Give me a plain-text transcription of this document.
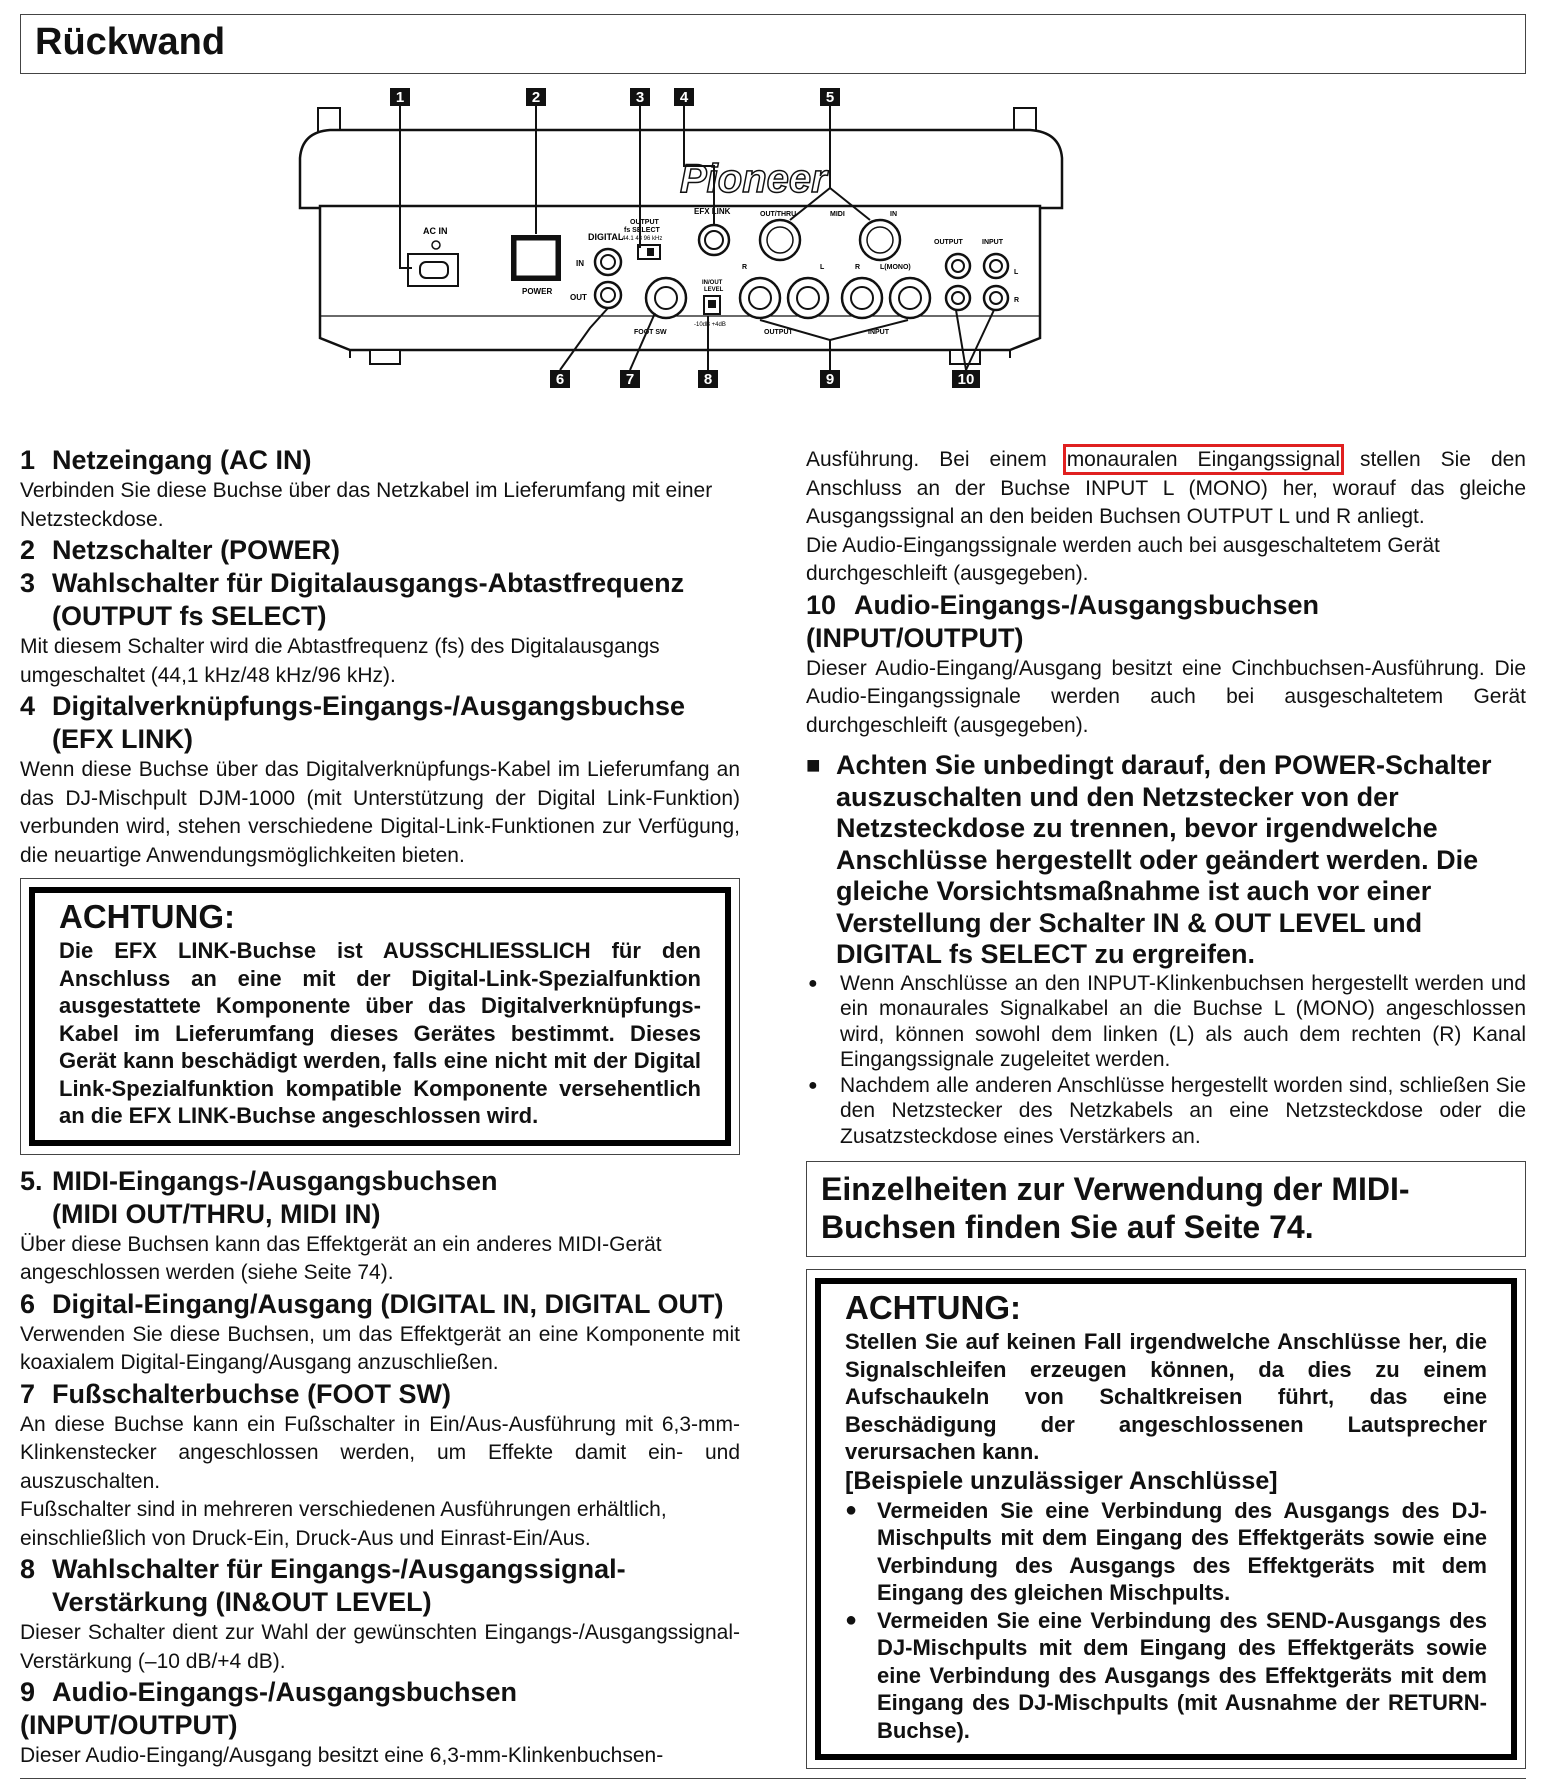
Rückwand
Pioneer
AC IN
POWER
DIGITAL
IN
OUT
OUTPUT
fs SELECT
44.1 48 96 kHz
EFX LINK	OUT/THRU	MIDI	IN
OUTPUT	INPUT
L
R
FOOT SW
IN/OUT
LEVEL
-10dB +4dB
R	L	R	L(MONO)
OUTPUT	INPUT
1	2	3 4	5
6	7	8	9	10
1 Netzeingang (AC IN)

Verbinden Sie diese Buchse über das Netzkabel im Lieferumfang mit einer Netzsteckdose.

2 Netzschalter (POWER)
3 Wahlschalter für Digitalausgangs-Abtastfrequenz
(OUTPUT fs SELECT)

Mit diesem Schalter wird die Abtastfrequenz (fs) des Digitalausgangs umgeschaltet (44,1 kHz/48 kHz/96 kHz).

4 Digitalverknüpfungs-Eingangs-/Ausgangsbuchse
(EFX LINK)

Wenn diese Buchse über das Digitalverknüpfungs-Kabel im Lieferumfang an das DJ-Mischpult DJM-1000 (mit Unterstützung der Digital Link-Funktion) verbunden wird, stehen verschiedene Digital-Link-Funktionen zur Verfügung, die neuartige Anwendungsmöglichkeiten bieten.

ACHTUNG:
Die EFX LINK-Buchse ist AUSSCHLIESSLICH für den Anschluss an eine mit der Digital-Link-Spezialfunktion ausgestattete Komponente über das Digitalverknüpfungs-Kabel im Lieferumfang dieses Gerätes bestimmt. Dieses Gerät kann beschädigt werden, falls eine nicht mit der Digital Link-Spezialfunktion kompatible Komponente versehentlich an die EFX LINK-Buchse angeschlossen wird.
5. MIDI-Eingangs-/Ausgangsbuchsen
(MIDI OUT/THRU, MIDI IN)

Über diese Buchsen kann das Effektgerät an ein anderes MIDI-Gerät angeschlossen werden (siehe Seite 74).

6 Digital-Eingang/Ausgang (DIGITAL IN, DIGITAL OUT)

Verwenden Sie diese Buchsen, um das Effektgerät an eine Komponente mit koaxialem Digital-Eingang/Ausgang anzuschließen.

7 Fußschalterbuchse (FOOT SW)

An diese Buchse kann ein Fußschalter in Ein/Aus-Ausführung mit 6,3-mm-Klinkenstecker angeschlossen werden, um Effekte damit ein- und auszuschalten.

Fußschalter sind in mehreren verschiedenen Ausführungen erhältlich, einschließlich von Druck-Ein, Druck-Aus und Einrast-Ein/Aus.

8 Wahlschalter für Eingangs-/Ausgangssignal-
Verstärkung (IN&OUT LEVEL)

Dieser Schalter dient zur Wahl der gewünschten Eingangs-/Ausgangssignal-Verstärkung (–10 dB/+4 dB).

9 Audio-Eingangs-/Ausgangsbuchsen (INPUT/OUTPUT)

Dieser Audio-Eingang/Ausgang besitzt eine 6,3-mm-Klinkenbuchsen-

Ausführung. Bei einem monauralen Eingangssignal stellen Sie den Anschluss an der Buchse INPUT L (MONO) her, worauf das gleiche Ausgangssignal an den beiden Buchsen OUTPUT L und R anliegt.

Die Audio-Eingangssignale werden auch bei ausgeschaltetem Gerät durchgeschleift (ausgegeben).

10 Audio-Eingangs-/Ausgangsbuchsen (INPUT/OUTPUT)

Dieser Audio-Eingang/Ausgang besitzt eine Cinchbuchsen-Ausführung. Die Audio-Eingangssignale werden auch bei ausgeschaltetem Gerät durchgeschleift (ausgegeben).

■ Achten Sie unbedingt darauf, den POWER-Schalter auszuschalten und den Netzstecker von der Netzsteckdose zu trennen, bevor irgendwelche Anschlüsse hergestellt oder geändert werden. Die gleiche Vorsichtsmaßnahme ist auch vor einer Verstellung der Schalter IN & OUT LEVEL und DIGITAL fs SELECT zu ergreifen.
●	Wenn Anschlüsse an den INPUT-Klinkenbuchsen hergestellt werden und ein monaurales Signalkabel an die Buchse L (MONO) angeschlossen wird, können sowohl dem linken (L) als auch dem rechten (R) Kanal Eingangssignale zugeleitet werden.
●	Nachdem alle anderen Anschlüsse hergestellt worden sind, schließen Sie den Netzstecker des Netzkabels an eine Netzsteckdose oder die Zusatzsteckdose eines Verstärkers an.
Einzelheiten zur Verwendung der MIDI-Buchsen finden Sie auf Seite 74.
ACHTUNG:
Stellen Sie auf keinen Fall irgendwelche Anschlüsse her, die Signalschleifen erzeugen können, da dies zu einem Aufschaukeln von Schaltkreisen führt, das eine Beschädigung der angeschlossenen Lautsprecher verursachen kann.
[Beispiele unzulässiger Anschlüsse]
● Vermeiden Sie eine Verbindung des Ausgangs des DJ-Mischpults mit dem Eingang des Effektgeräts sowie eine Verbindung des Ausgangs des Effektgeräts mit dem Eingang des gleichen Mischpults.
● Vermeiden Sie eine Verbindung des SEND-Ausgangs des DJ-Mischpults mit dem Eingang des Effektgeräts sowie eine Verbindung des Ausgangs des Effektgeräts mit dem Eingang des DJ-Mischpults (mit Ausnahme der RETURN-Buchse).
